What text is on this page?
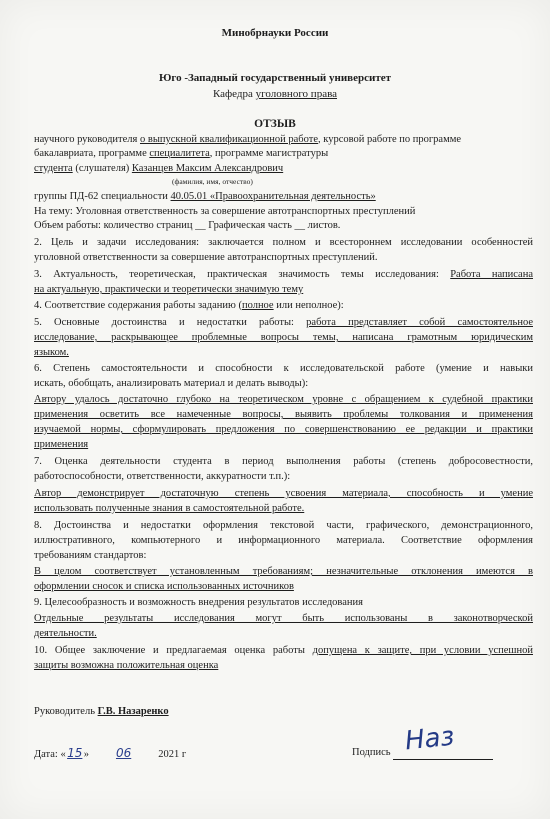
Минобрнауки России
Юго -Западный государственный университет
Кафедра уголовного права
ОТЗЫВ
научного руководителя о выпускной квалификационной работе, курсовой работе по программе
бакалавриата, программе специалитета, программе магистратуры
студента (слушателя) Казанцев Максим Александрович
(фамилия, имя, отчество)
группы ПД-62 специальности 40.05.01 «Правоохранительная деятельность»
На тему: Уголовная ответственность за совершение автотранспортных преступлений
Объем работы: количество страниц __ Графическая часть __ листов.
2. Цель и задачи исследования: заключается полном и всестороннем исследовании особенностей
уголовной ответственности за совершение автотранспортных преступлений.
3. Актуальность, теоретическая, практическая значимость темы исследования: Работа написана
на актуальную, практически и теоретически значимую тему
4. Соответствие содержания работы заданию (полное или неполное):
5. Основные достоинства и недостатки работы: работа представляет собой самостоятельное
исследование, раскрывающее проблемные вопросы темы, написана грамотным юридическим
языком.
6. Степень самостоятельности и способности к исследовательской работе (умение и навыки
искать, обобщать, анализировать материал и делать выводы):
Автору удалось достаточно глубоко на теоретическом уровне с обращением к судебной практики
применения осветить все намеченные вопросы, выявить проблемы толкования и применения
изучаемой нормы, сформулировать предложения по совершенствованию ее редакции и практики
применения
7. Оценка деятельности студента в период выполнения работы (степень добросовестности,
работоспособности, ответственности, аккуратности т.п.):
Автор демонстрирует достаточную степень усвоения материала, способность и умение
использовать полученные знания в самостоятельной работе.
8. Достоинства и недостатки оформления текстовой части, графического, демонстрационного,
иллюстративного, компьютерного и информационного материала. Соответствие оформления
требованиям стандартов:
В целом соответствует установленным требованиям; незначительные отклонения имеются в
оформлении сносок и списка использованных источников
9. Целесообразность и возможность внедрения результатов исследования
Отдельные результаты исследования могут быть использованы в законотворческой
деятельности.
10. Общее заключение и предлагаемая оценка работы допущена к защите, при условии успешной
защиты возможна положительная оценка
Руководитель Г.В. Назаренко
Дата: «15» 06	2021 г	Подпись Наз
